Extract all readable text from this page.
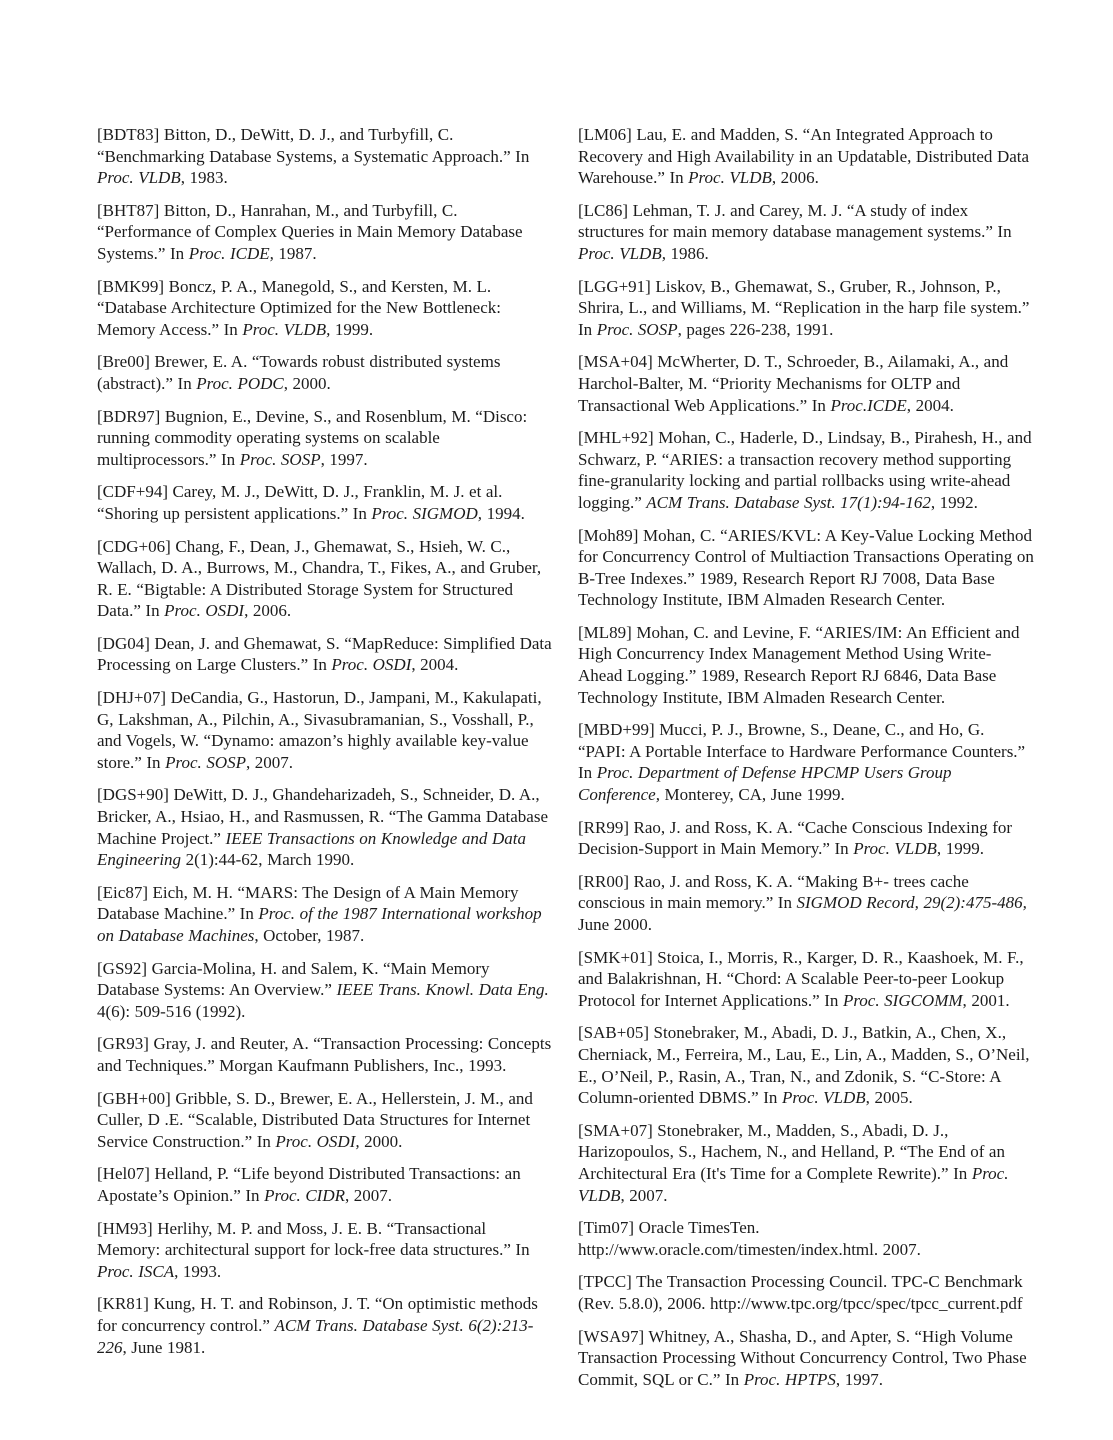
[BDT83] Bitton, D., DeWitt, D. J., and Turbyfill, C. “Benchmarking Database Systems, a Systematic Approach.” In Proc. VLDB, 1983.

[BHT87] Bitton, D., Hanrahan, M., and Turbyfill, C. “Performance of Complex Queries in Main Memory Database Systems.” In Proc. ICDE, 1987.

[BMK99] Boncz, P. A., Manegold, S., and Kersten, M. L. “Database Architecture Optimized for the New Bottleneck: Memory Access.” In Proc. VLDB, 1999.

[Bre00] Brewer, E. A. “Towards robust distributed systems (abstract).” In Proc. PODC, 2000.

[BDR97] Bugnion, E., Devine, S., and Rosenblum, M. “Disco: running commodity operating systems on scalable multiprocessors.” In Proc. SOSP, 1997.

[CDF+94] Carey, M. J., DeWitt, D. J., Franklin, M. J. et al. “Shoring up persistent applications.” In Proc. SIGMOD, 1994.

[CDG+06] Chang, F., Dean, J., Ghemawat, S., Hsieh, W. C., Wallach, D. A., Burrows, M., Chandra, T., Fikes, A., and Gruber, R. E. “Bigtable: A Distributed Storage System for Structured Data.” In Proc. OSDI, 2006.

[DG04] Dean, J. and Ghemawat, S. “MapReduce: Simplified Data Processing on Large Clusters.” In Proc. OSDI, 2004.

[DHJ+07] DeCandia, G., Hastorun, D., Jampani, M., Kakulapati, G, Lakshman, A., Pilchin, A., Sivasubramanian, S., Vosshall, P., and Vogels, W. “Dynamo: amazon’s highly available key-value store.” In Proc. SOSP, 2007.

[DGS+90] DeWitt, D. J., Ghandeharizadeh, S., Schneider, D. A., Bricker, A., Hsiao, H., and Rasmussen, R. “The Gamma Database Machine Project.” IEEE Transactions on Knowledge and Data Engineering 2(1):44-62, March 1990.

[Eic87] Eich, M. H. “MARS: The Design of A Main Memory Database Machine.” In Proc. of the 1987 International workshop on Database Machines, October, 1987.

[GS92] Garcia-Molina, H. and Salem, K. “Main Memory Database Systems: An Overview.” IEEE Trans. Knowl. Data Eng. 4(6): 509-516 (1992).

[GR93] Gray, J. and Reuter, A. “Transaction Processing: Concepts and Techniques.” Morgan Kaufmann Publishers, Inc., 1993.

[GBH+00] Gribble, S. D., Brewer, E. A., Hellerstein, J. M., and Culler, D .E. “Scalable, Distributed Data Structures for Internet Service Construction.” In Proc. OSDI, 2000.

[Hel07] Helland, P. “Life beyond Distributed Transactions: an Apostate’s Opinion.” In Proc. CIDR, 2007.

[HM93] Herlihy, M. P. and Moss, J. E. B. “Transactional Memory: architectural support for lock-free data structures.” In Proc. ISCA, 1993.

[KR81] Kung, H. T. and Robinson, J. T. “On optimistic methods for concurrency control.” ACM Trans. Database Syst. 6(2):213-226, June 1981.

[LM06] Lau, E. and Madden, S. “An Integrated Approach to Recovery and High Availability in an Updatable, Distributed Data Warehouse.” In Proc. VLDB, 2006.

[LC86] Lehman, T. J. and Carey, M. J. “A study of index structures for main memory database management systems.” In Proc. VLDB, 1986.

[LGG+91] Liskov, B., Ghemawat, S., Gruber, R., Johnson, P., Shrira, L., and Williams, M. “Replication in the harp file system.” In Proc. SOSP, pages 226-238, 1991.

[MSA+04] McWherter, D. T., Schroeder, B., Ailamaki, A., and Harchol-Balter, M. “Priority Mechanisms for OLTP and Transactional Web Applications.” In Proc.ICDE, 2004.

[MHL+92] Mohan, C., Haderle, D., Lindsay, B., Pirahesh, H., and Schwarz, P. “ARIES: a transaction recovery method supporting fine-granularity locking and partial rollbacks using write-ahead logging.” ACM Trans. Database Syst. 17(1):94-162, 1992.

[Moh89] Mohan, C. “ARIES/KVL: A Key-Value Locking Method for Concurrency Control of Multiaction Transactions Operating on B-Tree Indexes.” 1989, Research Report RJ 7008, Data Base Technology Institute, IBM Almaden Research Center.

[ML89] Mohan, C. and Levine, F. “ARIES/IM: An Efficient and High Concurrency Index Management Method Using Write-Ahead Logging.” 1989, Research Report RJ 6846, Data Base Technology Institute, IBM Almaden Research Center.

[MBD+99] Mucci, P. J., Browne, S., Deane, C., and Ho, G. “PAPI: A Portable Interface to Hardware Performance Counters.” In Proc. Department of Defense HPCMP Users Group Conference, Monterey, CA, June 1999.

[RR99] Rao, J. and Ross, K. A. “Cache Conscious Indexing for Decision-Support in Main Memory.” In Proc. VLDB, 1999.

[RR00] Rao, J. and Ross, K. A. “Making B+- trees cache conscious in main memory.” In SIGMOD Record, 29(2):475-486, June 2000.

[SMK+01] Stoica, I., Morris, R., Karger, D. R., Kaashoek, M. F., and Balakrishnan, H. “Chord: A Scalable Peer-to-peer Lookup Protocol for Internet Applications.” In Proc. SIGCOMM, 2001.

[SAB+05] Stonebraker, M., Abadi, D. J., Batkin, A., Chen, X., Cherniack, M., Ferreira, M., Lau, E., Lin, A., Madden, S., O’Neil, E., O’Neil, P., Rasin, A., Tran, N., and Zdonik, S. “C-Store: A Column-oriented DBMS.” In Proc. VLDB, 2005.

[SMA+07] Stonebraker, M., Madden, S., Abadi, D. J., Harizopoulos, S., Hachem, N., and Helland, P. “The End of an Architectural Era (It's Time for a Complete Rewrite).” In Proc. VLDB, 2007.

[Tim07] Oracle TimesTen. http://www.oracle.com/timesten/index.html. 2007.

[TPCC] The Transaction Processing Council. TPC-C Benchmark (Rev. 5.8.0), 2006. http://www.tpc.org/tpcc/spec/tpcc_current.pdf

[WSA97] Whitney, A., Shasha, D., and Apter, S. “High Volume Transaction Processing Without Concurrency Control, Two Phase Commit, SQL or C.” In Proc. HPTPS, 1997.
